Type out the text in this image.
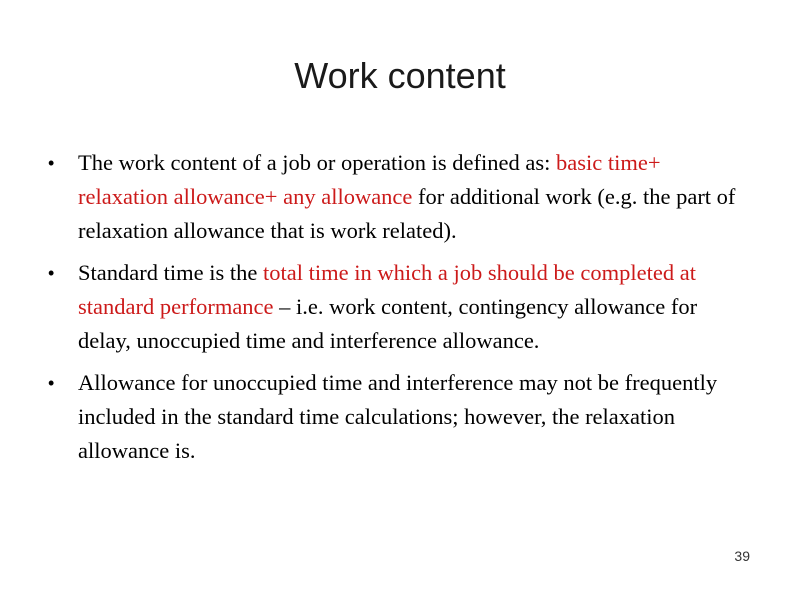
Work content
• The work content of a job or operation is defined as: basic time+ relaxation allowance+ any allowance for additional work (e.g. the part of relaxation allowance that is work related).
• Standard time is the total time in which a job should be completed at standard performance – i.e. work content, contingency allowance for delay, unoccupied time and interference allowance.
• Allowance for unoccupied time and interference may not be frequently included in the standard time calculations; however, the relaxation allowance is.
39
